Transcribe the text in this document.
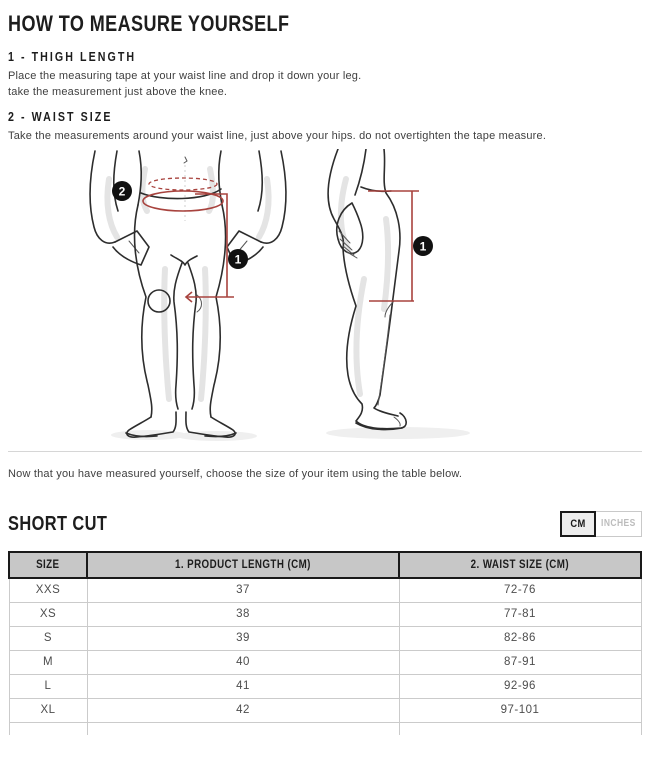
HOW TO MEASURE YOURSELF
1 - THIGH LENGTH

Place the measuring tape at your waist line and drop it down your leg.
take the measurement just above the knee.

2 - WAIST SIZE

Take the measurements around your waist line, just above your hips. do not overtighten the tape measure.

2
1
1

Now that you have measured yourself, choose the size of your item using the table below.

SHORT CUT	CM INCHES
SIZE	1. PRODUCT LENGTH (CM)	2. WAIST SIZE (CM)
XXS	37	72-76
XS	38	77-81
S	39	82-86
M	40	87-91
L	41	92-96
XL	42	97-101
